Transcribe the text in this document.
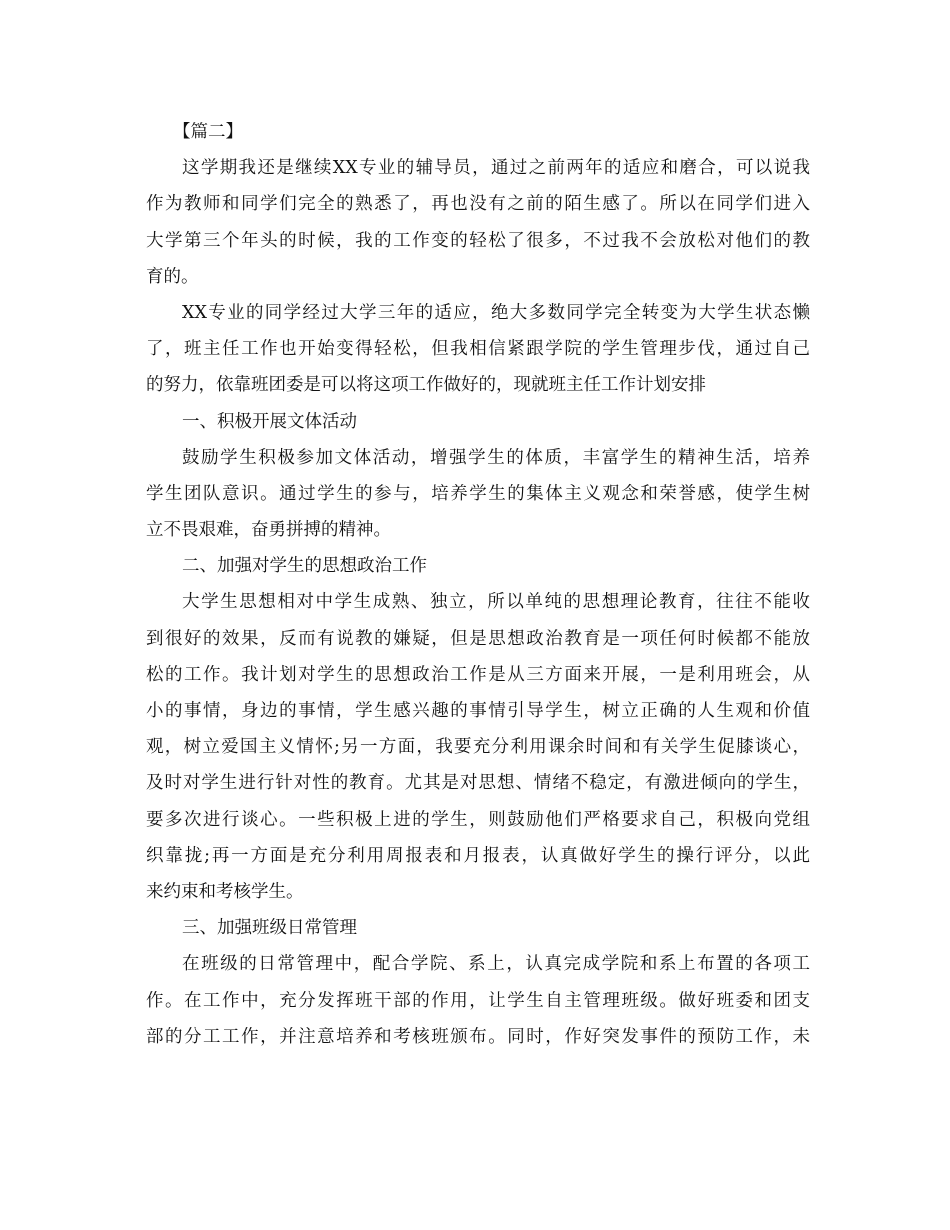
【篇二】
这学期我还是继续XX专业的辅导员，通过之前两年的适应和磨合，可以说我
作为教师和同学们完全的熟悉了，再也没有之前的陌生感了。所以在同学们进入
大学第三个年头的时候，我的工作变的轻松了很多，不过我不会放松对他们的教
育的。
XX专业的同学经过大学三年的适应，绝大多数同学完全转变为大学生状态懒
了，班主任工作也开始变得轻松，但我相信紧跟学院的学生管理步伐，通过自己
的努力，依靠班团委是可以将这项工作做好的，现就班主任工作计划安排
一、积极开展文体活动
鼓励学生积极参加文体活动，增强学生的体质，丰富学生的精神生活，培养
学生团队意识。通过学生的参与，培养学生的集体主义观念和荣誉感，使学生树
立不畏艰难，奋勇拼搏的精神。
二、加强对学生的思想政治工作
大学生思想相对中学生成熟、独立，所以单纯的思想理论教育，往往不能收
到很好的效果，反而有说教的嫌疑，但是思想政治教育是一项任何时候都不能放
松的工作。我计划对学生的思想政治工作是从三方面来开展，一是利用班会，从
小的事情，身边的事情，学生感兴趣的事情引导学生，树立正确的人生观和价值
观，树立爱国主义情怀;另一方面，我要充分利用课余时间和有关学生促膝谈心，
及时对学生进行针对性的教育。尤其是对思想、情绪不稳定，有激进倾向的学生，
要多次进行谈心。一些积极上进的学生，则鼓励他们严格要求自己，积极向党组
织靠拢;再一方面是充分利用周报表和月报表，认真做好学生的操行评分，以此
来约束和考核学生。
三、加强班级日常管理
在班级的日常管理中，配合学院、系上，认真完成学院和系上布置的各项工
作。在工作中，充分发挥班干部的作用，让学生自主管理班级。做好班委和团支
部的分工工作，并注意培养和考核班颁布。同时，作好突发事件的预防工作，未
